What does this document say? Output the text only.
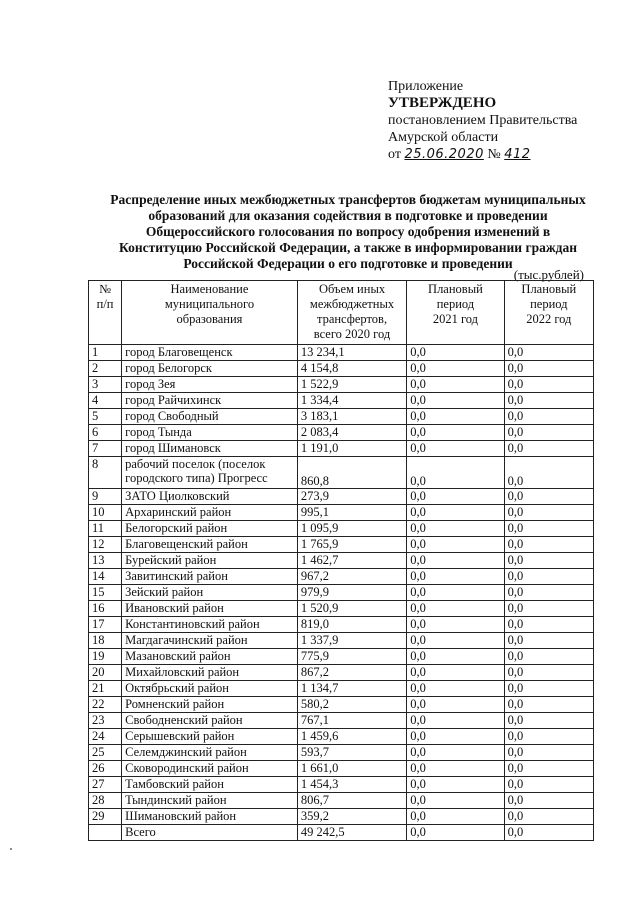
Приложение
УТВЕРЖДЕНО
постановлением Правительства
Амурской области
от 25.06.2020 № 412
Распределение иных межбюджетных трансфертов бюджетам муниципальных
образований для оказания содействия в подготовке и проведении
Общероссийского голосования по вопросу одобрения изменений в
Конституцию Российской Федерации, а также в информировании граждан
Российской Федерации о его подготовке и проведении
(тыс.рублей)
№
п/п	Наименование
муниципального
образования	Объем иных
межбюджетных
трансфертов,
всего 2020 год	Плановый
период
2021 год	Плановый
период
2022 год
1	город Благовещенск	13 234,1	0,0	0,0
2	город Белогорск	4 154,8	0,0	0,0
3	город Зея	1 522,9	0,0	0,0
4	город Райчихинск	1 334,4	0,0	0,0
5	город Свободный	3 183,1	0,0	0,0
6	город Тында	2 083,4	0,0	0,0
7	город Шимановск	1 191,0	0,0	0,0
8	рабочий поселок (поселок городского типа) Прогресс	860,8	0,0	0,0
9	ЗАТО Циолковский	273,9	0,0	0,0
10	Архаринский район	995,1	0,0	0,0
11	Белогорский район	1 095,9	0,0	0,0
12	Благовещенский район	1 765,9	0,0	0,0
13	Бурейский район	1 462,7	0,0	0,0
14	Завитинский район	967,2	0,0	0,0
15	Зейский район	979,9	0,0	0,0
16	Ивановский район	1 520,9	0,0	0,0
17	Константиновский район	819,0	0,0	0,0
18	Магдагачинский район	1 337,9	0,0	0,0
19	Мазановский район	775,9	0,0	0,0
20	Михайловский район	867,2	0,0	0,0
21	Октябрьский район	1 134,7	0,0	0,0
22	Ромненский район	580,2	0,0	0,0
23	Свободненский район	767,1	0,0	0,0
24	Серышевский район	1 459,6	0,0	0,0
25	Селемджинский район	593,7	0,0	0,0
26	Сковородинский район	1 661,0	0,0	0,0
27	Тамбовский район	1 454,3	0,0	0,0
28	Тындинский район	806,7	0,0	0,0
29	Шимановский район	359,2	0,0	0,0
	Всего	49 242,5	0,0	0,0
